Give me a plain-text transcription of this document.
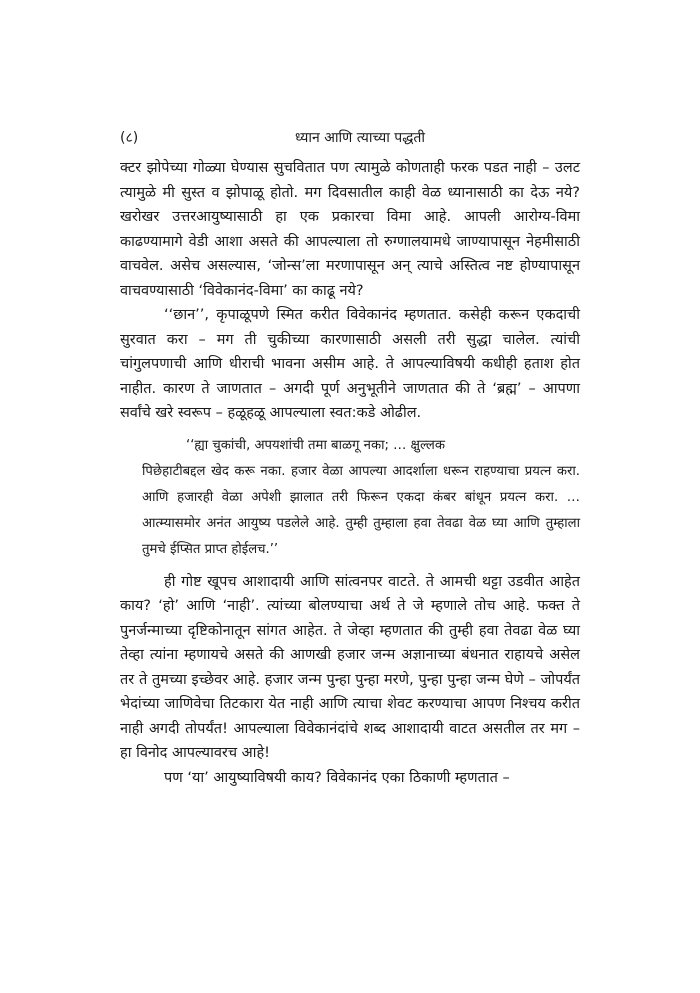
(८)	ध्यान आणि त्याच्या पद्धती

क्टर झोपेच्या गोळ्या घेण्यास सुचवितात पण त्यामुळे कोणताही फरक पडत नाही – उलट त्यामुळे मी सुस्त व झोपाळू होतो. मग दिवसातील काही वेळ ध्यानासाठी का देऊ नये? खरोखर उत्तरआयुष्यासाठी हा एक प्रकारचा विमा आहे. आपली आरोग्य-विमा काढण्यामागे वेडी आशा असते की आपल्याला तो रुग्णालयामधे जाण्यापासून नेहमीसाठी वाचवेल. असेच असल्यास, ‘जोन्स’ला मरणापासून अन् त्याचे अस्तित्व नष्ट होण्यापासून वाचवण्यासाठी ‘विवेकानंद-विमा’ का काढू नये?

‘‘छान’’, कृपाळूपणे स्मित करीत विवेकानंद म्हणतात. कसेही करून एकदाची सुरवात करा – मग ती चुकीच्या कारणासाठी असली तरी सुद्धा चालेल. त्यांची चांगुलपणाची आणि धीराची भावना असीम आहे. ते आपल्याविषयी कधीही हताश होत नाहीत. कारण ते जाणतात – अगदी पूर्ण अनुभूतीने जाणतात की ते ‘ब्रह्म’ – आपणा सर्वांचे खरे स्वरूप – हळूहळू आपल्याला स्वत:कडे ओढील.

‘‘ह्या चुकांची, अपयशांची तमा बाळगू नका; … क्षुल्लक
पिछेहाटीबद्दल खेद करू नका. हजार वेळा आपल्या आदर्शाला धरून राहण्याचा प्रयत्न करा. आणि हजारही वेळा अपेशी झालात तरी फिरून एकदा कंबर बांधून प्रयत्न करा. … आत्म्यासमोर अनंत आयुष्य पडलेले आहे. तुम्ही तुम्हाला हवा तेवढा वेळ घ्या आणि तुम्हाला तुमचे ईप्सित प्राप्त होईलच.’’

ही गोष्ट खूपच आशादायी आणि सांत्वनपर वाटते. ते आमची थट्टा उडवीत आहेत काय? ‘हो’ आणि ‘नाही’. त्यांच्या बोलण्याचा अर्थ ते जे म्हणाले तोच आहे. फक्त ते पुनर्जन्माच्या दृष्टिकोनातून सांगत आहेत. ते जेव्हा म्हणतात की तुम्ही हवा तेवढा वेळ घ्या तेव्हा त्यांना म्हणायचे असते की आणखी हजार जन्म अज्ञानाच्या बंधनात राहायचे असेल तर ते तुमच्या इच्छेवर आहे. हजार जन्म पुन्हा पुन्हा मरणे, पुन्हा पुन्हा जन्म घेणे – जोपर्यंत भेदांच्या जाणिवेचा तिटकारा येत नाही आणि त्याचा शेवट करण्याचा आपण निश्चय करीत नाही अगदी तोपर्यंत! आपल्याला विवेकानंदांचे शब्द आशादायी वाटत असतील तर मग – हा विनोद आपल्यावरच आहे!

पण ‘या’ आयुष्याविषयी काय? विवेकानंद एका ठिकाणी म्हणतात –
